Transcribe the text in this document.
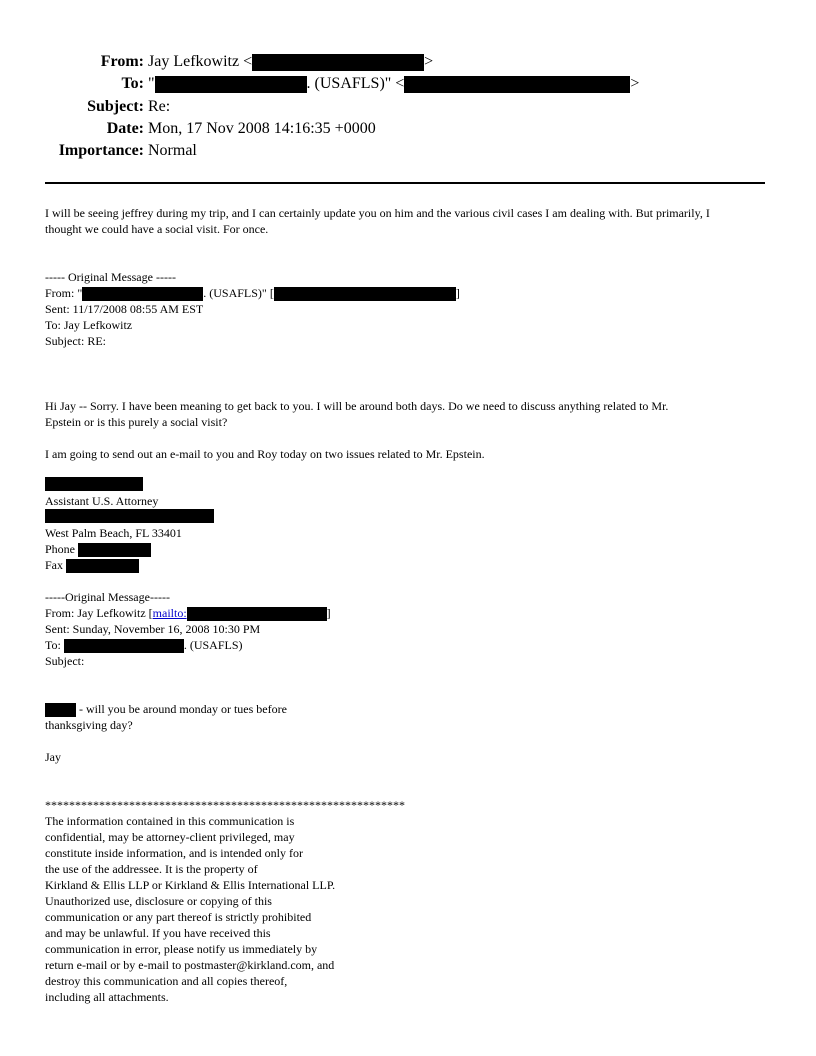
From: Jay Lefkowitz <	>
To: "	. (USAFLS)" <	>
Subject: Re:
Date: Mon, 17 Nov 2008 14:16:35 +0000
Importance: Normal
I will be seeing jeffrey during my trip, and I can certainly update you on him and the various civil cases I am dealing with. But primarily, I
thought we could have a social visit. For once.
----- Original Message -----
From: "	. (USAFLS)" [	]
Sent: 11/17/2008 08:55 AM EST
To: Jay Lefkowitz
Subject: RE:
Hi Jay -- Sorry. I have been meaning to get back to you. I will be around both days. Do we need to discuss anything related to Mr.
Epstein or is this purely a social visit?
I am going to send out an e-mail to you and Roy today on two issues related to Mr. Epstein.
Assistant U.S. Attorney
West Palm Beach, FL 33401
Phone
Fax
-----Original Message-----
From: Jay Lefkowitz [mailto:	]
Sent: Sunday, November 16, 2008 10:30 PM
To:	. (USAFLS)
Subject:
- will you be around monday or tues before
thanksgiving day?
Jay
************************************************************
The information contained in this communication is
confidential, may be attorney-client privileged, may
constitute inside information, and is intended only for
the use of the addressee. It is the property of
Kirkland & Ellis LLP or Kirkland & Ellis International LLP.
Unauthorized use, disclosure or copying of this
communication or any part thereof is strictly prohibited
and may be unlawful. If you have received this
communication in error, please notify us immediately by
return e-mail or by e-mail to postmaster@kirkland.com, and
destroy this communication and all copies thereof,
including all attachments.
